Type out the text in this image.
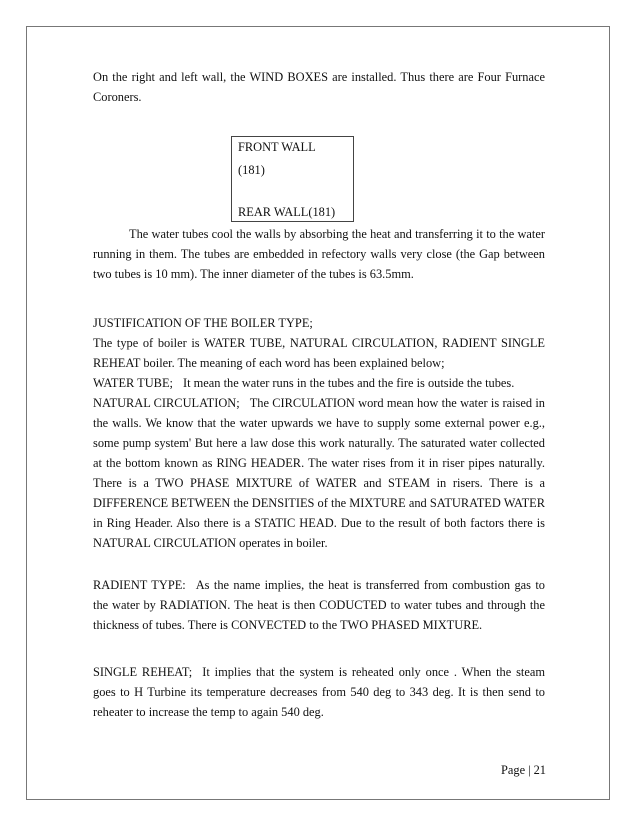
On the right and left wall, the WIND BOXES are installed. Thus there are Four Furnace Coroners.

FRONT WALL
(181)
REAR WALL(181)

The water tubes cool the walls by absorbing the heat and transferring it to the water running in them. The tubes are embedded in refectory walls very close (the Gap between two tubes is 10 mm). The inner diameter of the tubes is 63.5mm.

JUSTIFICATION OF THE BOILER TYPE;
The type of boiler is WATER TUBE, NATURAL CIRCULATION, RADIENT SINGLE REHEAT boiler. The meaning of each word has been explained below;
WATER TUBE; It mean the water runs in the tubes and the fire is outside the tubes.
NATURAL CIRCULATION; The CIRCULATION word mean how the water is raised in the walls. We know that the water upwards we have to supply some external power e.g., some pump system' But here a law dose this work naturally. The saturated water collected at the bottom known as RING HEADER. The water rises from it in riser pipes naturally. There is a TWO PHASE MIXTURE of WATER and STEAM in risers. There is a DIFFERENCE BETWEEN the DENSITIES of the MIXTURE and SATURATED WATER in Ring Header. Also there is a STATIC HEAD. Due to the result of both factors there is NATURAL CIRCULATION operates in boiler.

RADIENT TYPE: As the name implies, the heat is transferred from combustion gas to the water by RADIATION. The heat is then CODUCTED to water tubes and through the thickness of tubes. There is CONVECTED to the TWO PHASED MIXTURE.

SINGLE REHEAT; It implies that the system is reheated only once . When the steam goes to H Turbine its temperature decreases from 540 deg to 343 deg. It is then send to reheater to increase the temp to again 540 deg.

Page | 21
